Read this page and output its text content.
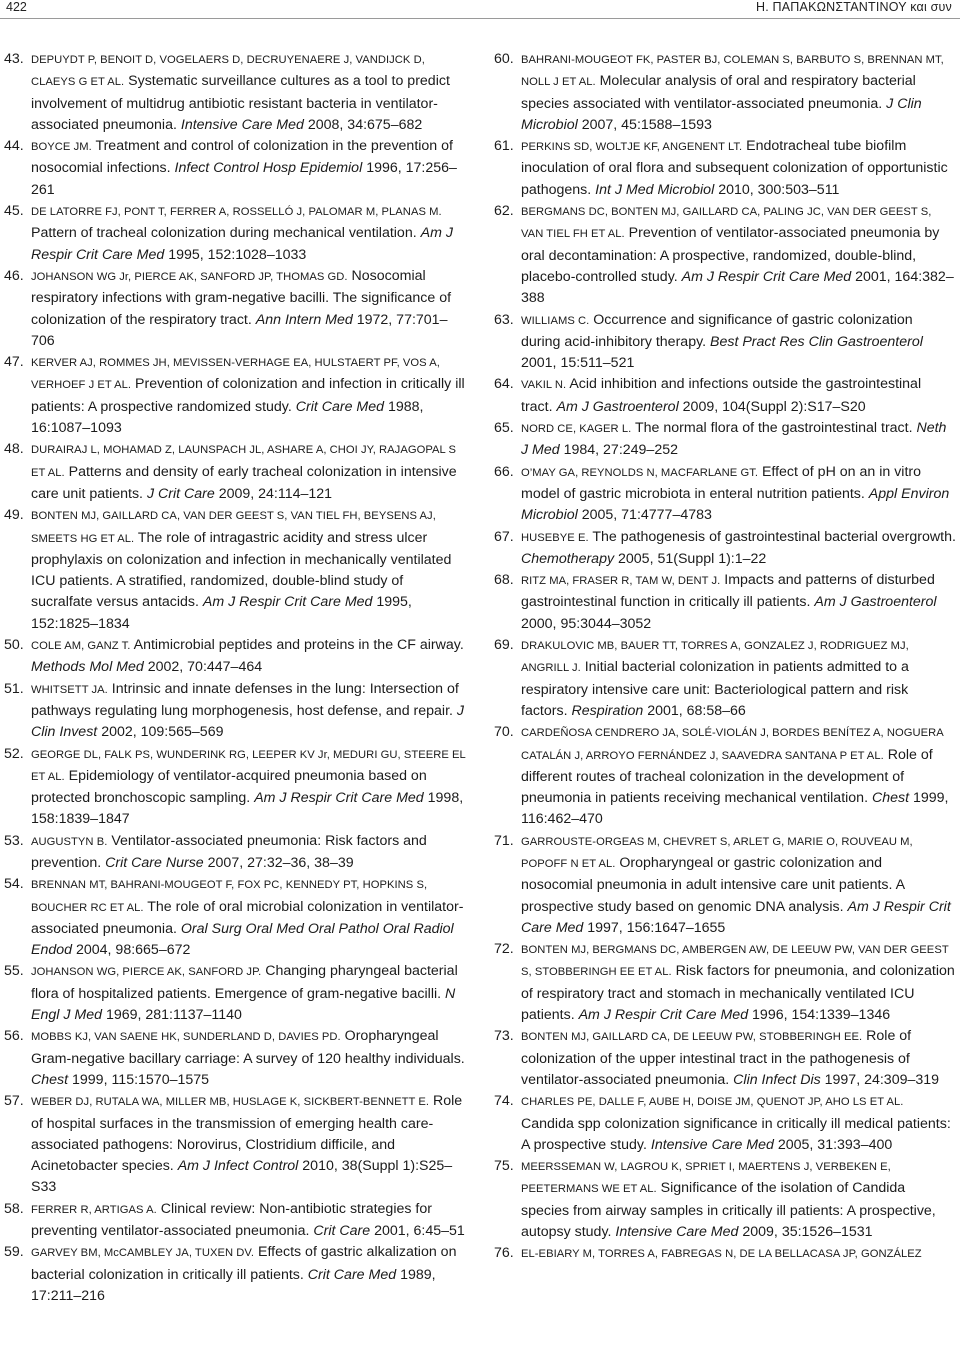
422	Η. ΠΑΠΑΚΩΝΣΤΑΝΤΙΝΟΥ και συν
43. DEPUYDT P, BENOIT D, VOGELAERS D, DECRUYENAERE J, VANDIJCK D, CLAEYS G ET AL. Systematic surveillance cultures as a tool to predict involvement of multidrug antibiotic resistant bacteria in ventilator-associated pneumonia. Intensive Care Med 2008, 34:675–682
44. BOYCE JM. Treatment and control of colonization in the prevention of nosocomial infections. Infect Control Hosp Epidemiol 1996, 17:256–261
45. DE LATORRE FJ, PONT T, FERRER A, ROSSELLÓ J, PALOMAR M, PLANAS M. Pattern of tracheal colonization during mechanical ventilation. Am J Respir Crit Care Med 1995, 152:1028–1033
46. JOHANSON WG Jr, PIERCE AK, SANFORD JP, THOMAS GD. Nosocomial respiratory infections with gram-negative bacilli. The significance of colonization of the respiratory tract. Ann Intern Med 1972, 77:701–706
47. KERVER AJ, ROMMES JH, MEVISSEN-VERHAGE EA, HULSTAERT PF, VOS A, VERHOEF J ET AL. Prevention of colonization and infection in critically ill patients: A prospective randomized study. Crit Care Med 1988, 16:1087–1093
48. DURAIRAJ L, MOHAMAD Z, LAUNSPACH JL, ASHARE A, CHOI JY, RAJAGOPAL S ET AL. Patterns and density of early tracheal colonization in intensive care unit patients. J Crit Care 2009, 24:114–121
49. BONTEN MJ, GAILLARD CA, VAN DER GEEST S, VAN TIEL FH, BEYSENS AJ, SMEETS HG ET AL. The role of intragastric acidity and stress ulcer prophylaxis on colonization and infection in mechanically ventilated ICU patients. A stratified, randomized, double-blind study of sucralfate versus antacids. Am J Respir Crit Care Med 1995, 152:1825–1834
50. COLE AM, GANZ T. Antimicrobial peptides and proteins in the CF airway. Methods Mol Med 2002, 70:447–464
51. WHITSETT JA. Intrinsic and innate defenses in the lung: Intersection of pathways regulating lung morphogenesis, host defense, and repair. J Clin Invest 2002, 109:565–569
52. GEORGE DL, FALK PS, WUNDERINK RG, LEEPER KV Jr, MEDURI GU, STEERE EL ET AL. Epidemiology of ventilator-acquired pneumonia based on protected bronchoscopic sampling. Am J Respir Crit Care Med 1998, 158:1839–1847
53. AUGUSTYN B. Ventilator-associated pneumonia: Risk factors and prevention. Crit Care Nurse 2007, 27:32–36, 38–39
54. BRENNAN MT, BAHRANI-MOUGEOT F, FOX PC, KENNEDY PT, HOPKINS S, BOUCHER RC ET AL. The role of oral microbial colonization in ventilator-associated pneumonia. Oral Surg Oral Med Oral Pathol Oral Radiol Endod 2004, 98:665–672
55. JOHANSON WG, PIERCE AK, SANFORD JP. Changing pharyngeal bacterial flora of hospitalized patients. Emergence of gram-negative bacilli. N Engl J Med 1969, 281:1137–1140
56. MOBBS KJ, VAN SAENE HK, SUNDERLAND D, DAVIES PD. Oropharyngeal Gram-negative bacillary carriage: A survey of 120 healthy individuals. Chest 1999, 115:1570–1575
57. WEBER DJ, RUTALA WA, MILLER MB, HUSLAGE K, SICKBERT-BENNETT E. Role of hospital surfaces in the transmission of emerging health care-associated pathogens: Norovirus, Clostridium difficile, and Acinetobacter species. Am J Infect Control 2010, 38(Suppl 1):S25–S33
58. FERRER R, ARTIGAS A. Clinical review: Non-antibiotic strategies for preventing ventilator-associated pneumonia. Crit Care 2001, 6:45–51
59. GARVEY BM, McCAMBLEY JA, TUXEN DV. Effects of gastric alkalization on bacterial colonization in critically ill patients. Crit Care Med 1989, 17:211–216
60. BAHRANI-MOUGEOT FK, PASTER BJ, COLEMAN S, BARBUTO S, BRENNAN MT, NOLL J ET AL. Molecular analysis of oral and respiratory bacterial species associated with ventilator-associated pneumonia. J Clin Microbiol 2007, 45:1588–1593
61. PERKINS SD, WOLTJE KF, ANGENENT LT. Endotracheal tube biofilm inoculation of oral flora and subsequent colonization of opportunistic pathogens. Int J Med Microbiol 2010, 300:503–511
62. BERGMANS DC, BONTEN MJ, GAILLARD CA, PALING JC, VAN DER GEEST S, VAN TIEL FH ET AL. Prevention of ventilator-associated pneumonia by oral decontamination: A prospective, randomized, double-blind, placebo-controlled study. Am J Respir Crit Care Med 2001, 164:382–388
63. WILLIAMS C. Occurrence and significance of gastric colonization during acid-inhibitory therapy. Best Pract Res Clin Gastroenterol 2001, 15:511–521
64. VAKIL N. Acid inhibition and infections outside the gastrointestinal tract. Am J Gastroenterol 2009, 104(Suppl 2):S17–S20
65. NORD CE, KAGER L. The normal flora of the gastrointestinal tract. Neth J Med 1984, 27:249–252
66. O’MAY GA, REYNOLDS N, MACFARLANE GT. Effect of pH on an in vitro model of gastric microbiota in enteral nutrition patients. Appl Environ Microbiol 2005, 71:4777–4783
67. HUSEBYE E. The pathogenesis of gastrointestinal bacterial overgrowth. Chemotherapy 2005, 51(Suppl 1):1–22
68. RITZ MA, FRASER R, TAM W, DENT J. Impacts and patterns of disturbed gastrointestinal function in critically ill patients. Am J Gastroenterol 2000, 95:3044–3052
69. DRAKULOVIC MB, BAUER TT, TORRES A, GONZALEZ J, RODRIGUEZ MJ, ANGRILL J. Initial bacterial colonization in patients admitted to a respiratory intensive care unit: Bacteriological pattern and risk factors. Respiration 2001, 68:58–66
70. CARDEÑOSA CENDRERO JA, SOLÉ-VIOLÁN J, BORDES BENÍTEZ A, NOGUERA CATALÁN J, ARROYO FERNÁNDEZ J, SAAVEDRA SANTANA P ET AL. Role of different routes of tracheal colonization in the development of pneumonia in patients receiving mechanical ventilation. Chest 1999, 116:462–470
71. GARROUSTE-ORGEAS M, CHEVRET S, ARLET G, MARIE O, ROUVEAU M, POPOFF N ET AL. Oropharyngeal or gastric colonization and nosocomial pneumonia in adult intensive care unit patients. A prospective study based on genomic DNA analysis. Am J Respir Crit Care Med 1997, 156:1647–1655
72. BONTEN MJ, BERGMANS DC, AMBERGEN AW, DE LEEUW PW, VAN DER GEEST S, STOBBERINGH EE ET AL. Risk factors for pneumonia, and colonization of respiratory tract and stomach in mechanically ventilated ICU patients. Am J Respir Crit Care Med 1996, 154:1339–1346
73. BONTEN MJ, GAILLARD CA, DE LEEUW PW, STOBBERINGH EE. Role of colonization of the upper intestinal tract in the pathogenesis of ventilator-associated pneumonia. Clin Infect Dis 1997, 24:309–319
74. CHARLES PE, DALLE F, AUBE H, DOISE JM, QUENOT JP, AHO LS ET AL. Candida spp colonization significance in critically ill medical patients: A prospective study. Intensive Care Med 2005, 31:393–400
75. MEERSSEMAN W, LAGROU K, SPRIET I, MAERTENS J, VERBEKEN E, PEETERMANS WE ET AL. Significance of the isolation of Candida species from airway samples in critically ill patients: A prospective, autopsy study. Intensive Care Med 2009, 35:1526–1531
76. EL-EBIARY M, TORRES A, FABREGAS N, DE LA BELLACASA JP, GONZÁLEZ
